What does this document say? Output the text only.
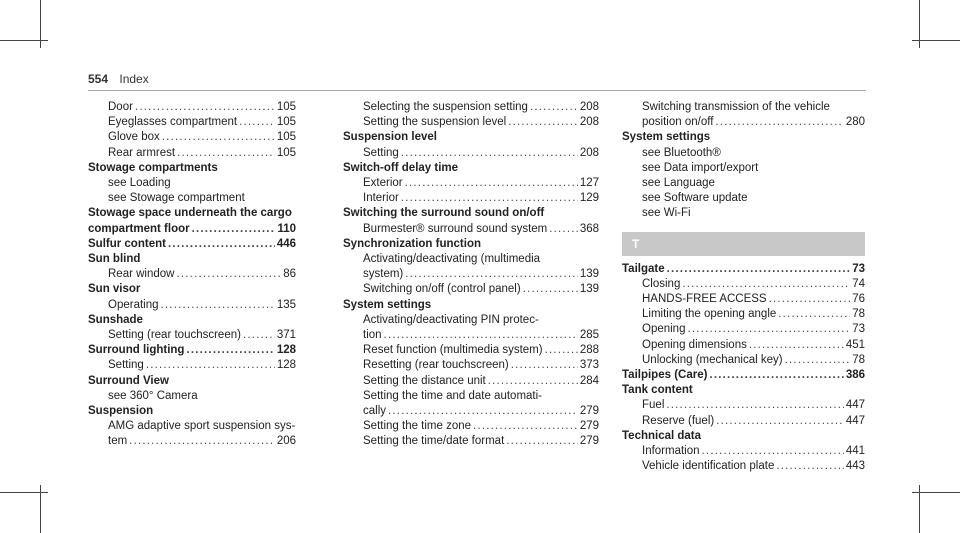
554 Index
Door .....	105
Eyeglasses compartment .....	105
Glove box .....	105
Rear armrest .....	105
Stowage compartments
see Loading
see Stowage compartment
Stowage space underneath the cargo
compartment floor .....	110
Sulfur content .....	446
Sun blind
Rear window .....	86
Sun visor
Operating .....	135
Sunshade
Setting (rear touchscreen) .....	371
Surround lighting .....	128
Setting .....	128
Surround View
see 360° Camera
Suspension
AMG adaptive sport suspension sys-
tem .....	206
Selecting the suspension setting .....	208
Setting the suspension level .....	208
Suspension level
Setting .....	208
Switch-off delay time
Exterior .....	127
Interior .....	129
Switching the surround sound on/off
Burmester® surround sound system .....	368
Synchronization function
Activating/deactivating (multimedia
system) .....	139
Switching on/off (control panel) .....	139
System settings
Activating/deactivating PIN protec-
tion .....	285
Reset function (multimedia system) .....	288
Resetting (rear touchscreen) .....	373
Setting the distance unit .....	284
Setting the time and date automati-
cally .....	279
Setting the time zone .....	279
Setting the time/date format .....	279
Switching transmission of the vehicle
position on/off .....	280
System settings
see Bluetooth®
see Data import/export
see Language
see Software update
see Wi-Fi
T
Tailgate .....	73
Closing .....	74
HANDS-FREE ACCESS .....	76
Limiting the opening angle .....	78
Opening .....	73
Opening dimensions .....	451
Unlocking (mechanical key) .....	78
Tailpipes (Care) .....	386
Tank content
Fuel .....	447
Reserve (fuel) .....	447
Technical data
Information .....	441
Vehicle identification plate .....	443
